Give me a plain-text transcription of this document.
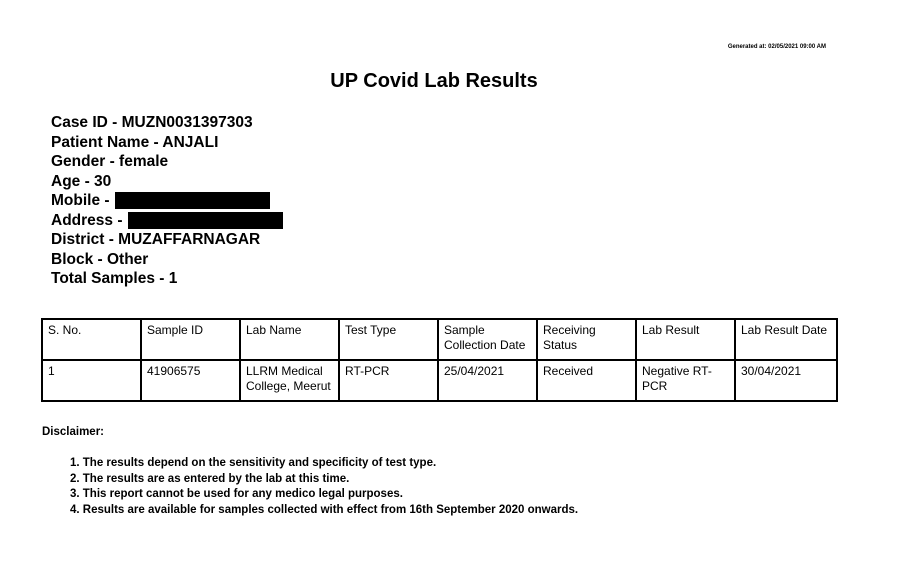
Generated at: 02/05/2021 09:00 AM
UP Covid Lab Results
Case ID - MUZN0031397303
Patient Name - ANJALI
Gender - female
Age - 30
Mobile -
Address -
District - MUZAFFARNAGAR
Block - Other
Total Samples - 1
S. No.	Sample ID	Lab Name	Test Type	Sample Collection Date	Receiving Status	Lab Result	Lab Result Date
1	41906575	LLRM Medical College, Meerut	RT-PCR	25/04/2021	Received	Negative RT-PCR	30/04/2021
Disclaimer:
1. The results depend on the sensitivity and specificity of test type.
2. The results are as entered by the lab at this time.
3. This report cannot be used for any medico legal purposes.
4. Results are available for samples collected with effect from 16th September 2020 onwards.
